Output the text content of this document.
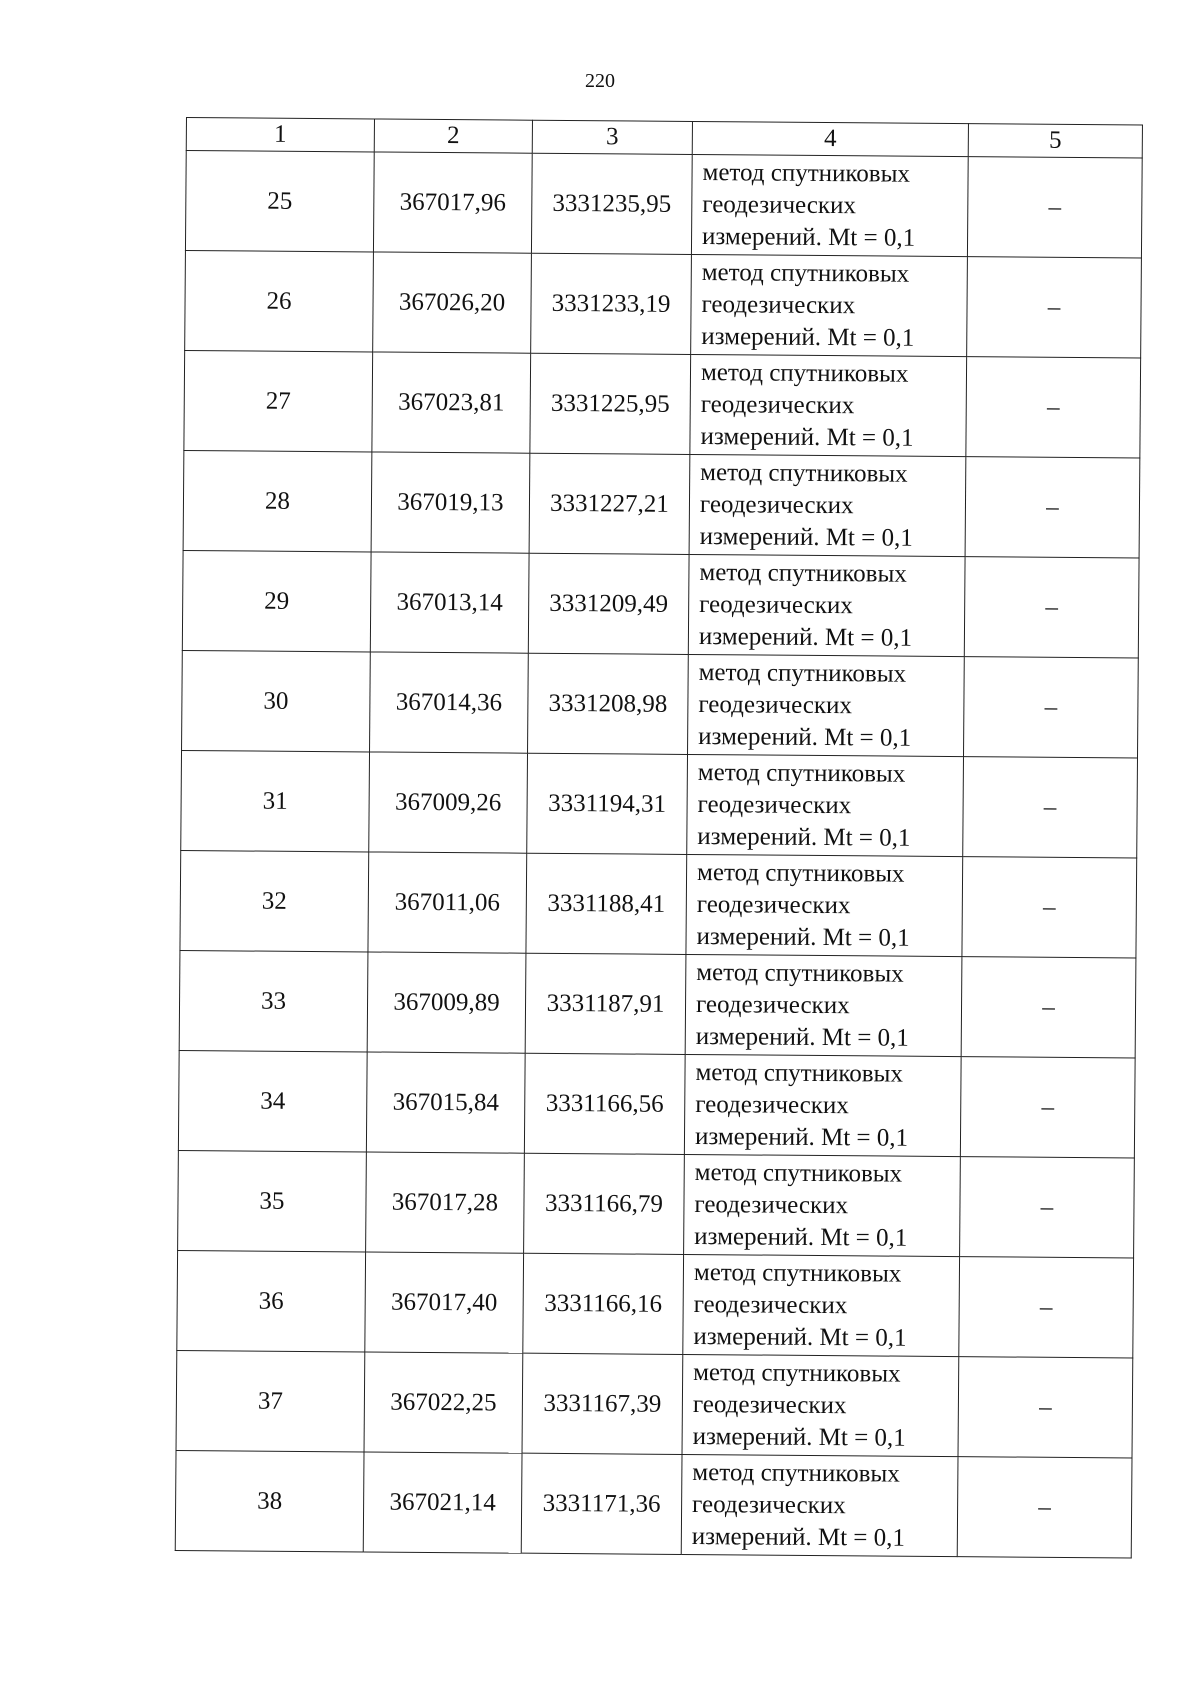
220
1	2	3	4	5
25	367017,96	3331235,95	метод спутниковых геодезических измерений. Mt = 0,1	–
26	367026,20	3331233,19	метод спутниковых геодезических измерений. Mt = 0,1	–
27	367023,81	3331225,95	метод спутниковых геодезических измерений. Mt = 0,1	–
28	367019,13	3331227,21	метод спутниковых геодезических измерений. Mt = 0,1	–
29	367013,14	3331209,49	метод спутниковых геодезических измерений. Mt = 0,1	–
30	367014,36	3331208,98	метод спутниковых геодезических измерений. Mt = 0,1	–
31	367009,26	3331194,31	метод спутниковых геодезических измерений. Mt = 0,1	–
32	367011,06	3331188,41	метод спутниковых геодезических измерений. Mt = 0,1	–
33	367009,89	3331187,91	метод спутниковых геодезических измерений. Mt = 0,1	–
34	367015,84	3331166,56	метод спутниковых геодезических измерений. Mt = 0,1	–
35	367017,28	3331166,79	метод спутниковых геодезических измерений. Mt = 0,1	–
36	367017,40	3331166,16	метод спутниковых геодезических измерений. Mt = 0,1	–
37	367022,25	3331167,39	метод спутниковых геодезических измерений. Mt = 0,1	–
38	367021,14	3331171,36	метод спутниковых геодезических измерений. Mt = 0,1	–
